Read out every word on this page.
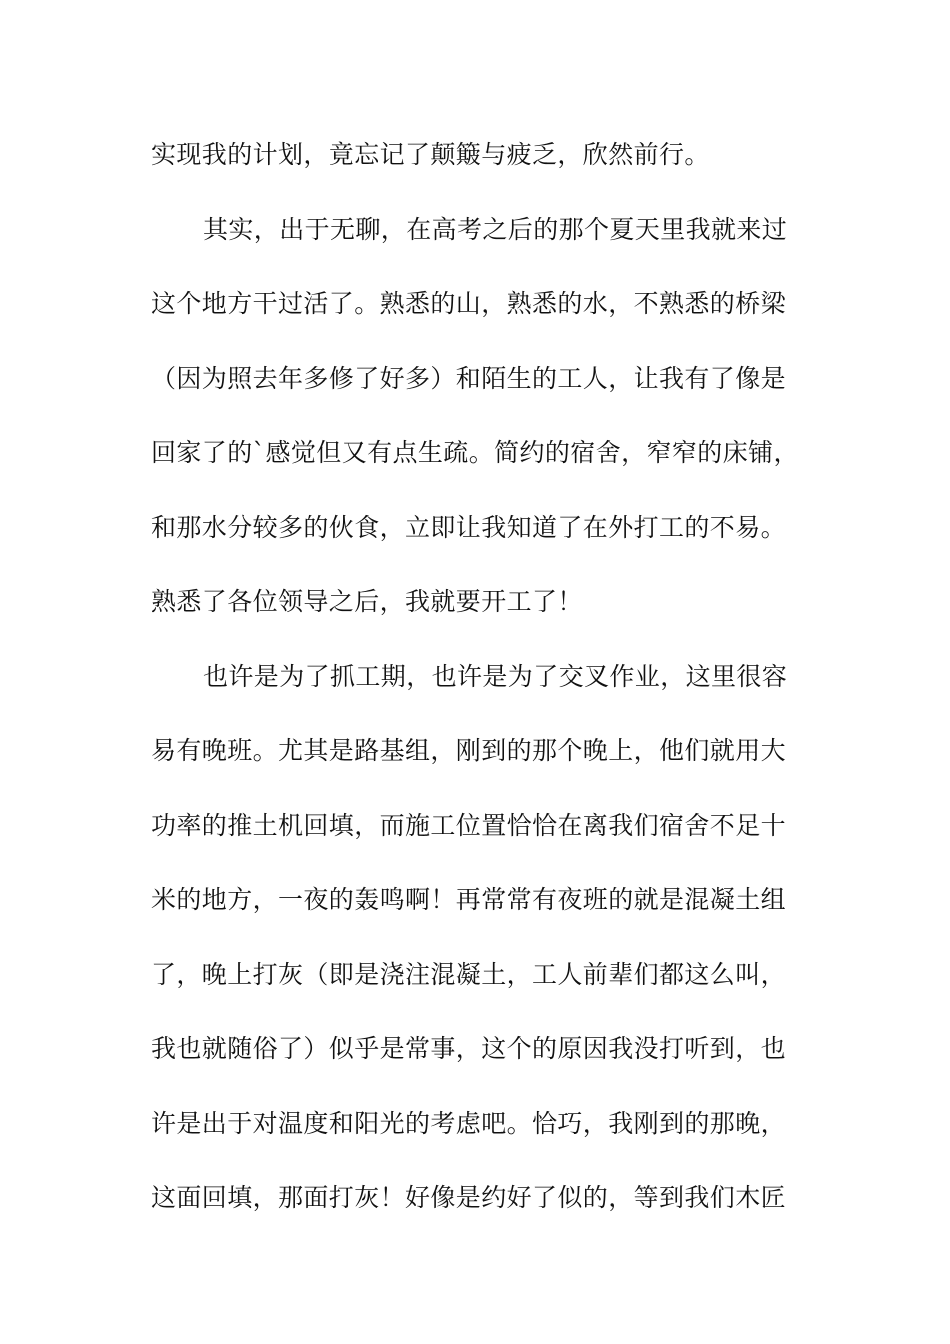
实现我的计划，竟忘记了颠簸与疲乏，欣然前行。
其实，出于无聊，在高考之后的那个夏天里我就来过
这个地方干过活了。熟悉的山，熟悉的水，不熟悉的桥梁
（因为照去年多修了好多）和陌生的工人，让我有了像是
回家了的`感觉但又有点生疏。简约的宿舍，窄窄的床铺，
和那水分较多的伙食，立即让我知道了在外打工的不易。
熟悉了各位领导之后，我就要开工了！
也许是为了抓工期，也许是为了交叉作业，这里很容
易有晚班。尤其是路基组，刚到的那个晚上，他们就用大
功率的推土机回填，而施工位置恰恰在离我们宿舍不足十
米的地方，一夜的轰鸣啊！再常常有夜班的就是混凝土组
了，晚上打灰（即是浇注混凝土，工人前辈们都这么叫，
我也就随俗了）似乎是常事，这个的原因我没打听到，也
许是出于对温度和阳光的考虑吧。恰巧，我刚到的那晚，
这面回填，那面打灰！好像是约好了似的，等到我们木匠
